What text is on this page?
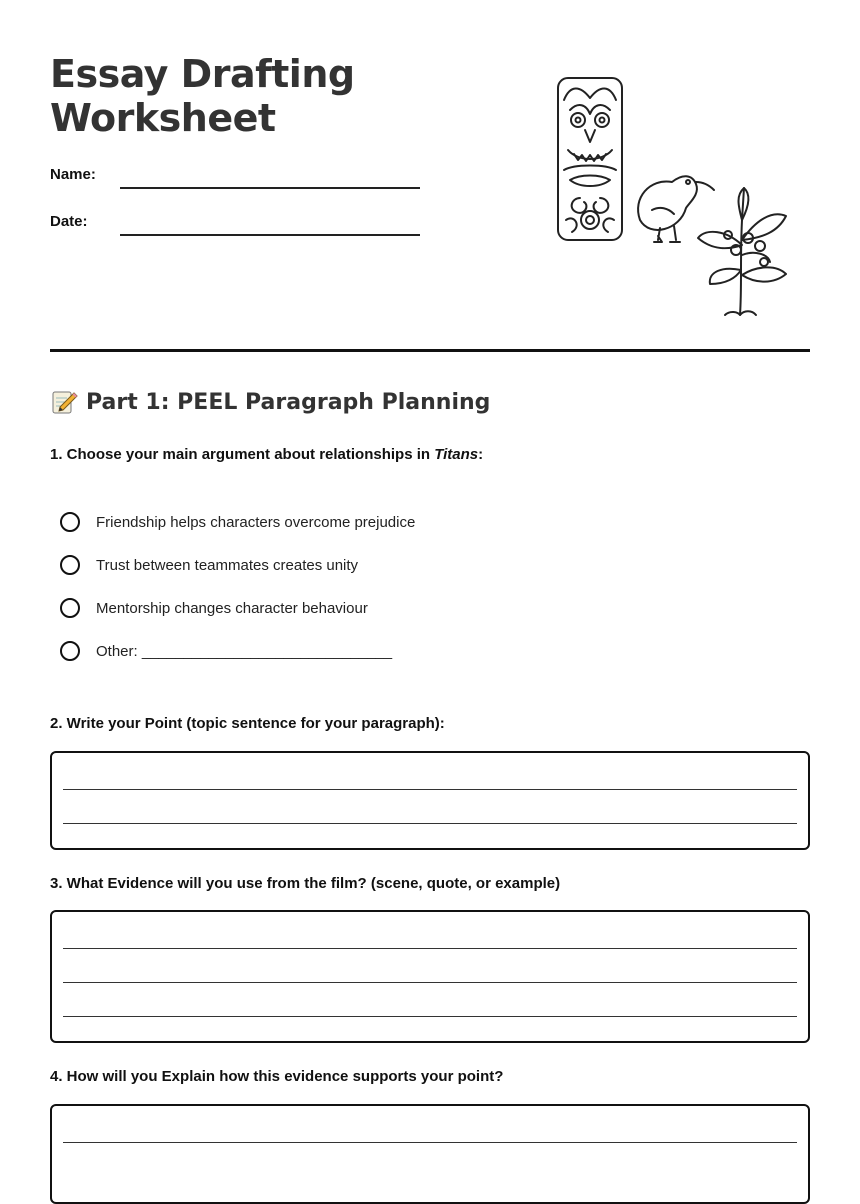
Essay Drafting
Worksheet
Name:
Date:
Part 1: PEEL Paragraph Planning
1. Choose your main argument about relationships in Titans:
Friendship helps characters overcome prejudice
Trust between teammates creates unity
Mentorship changes character behaviour
Other: ______________________________
2. Write your Point (topic sentence for your paragraph):
3. What Evidence will you use from the film? (scene, quote, or example)
4. How will you Explain how this evidence supports your point?
